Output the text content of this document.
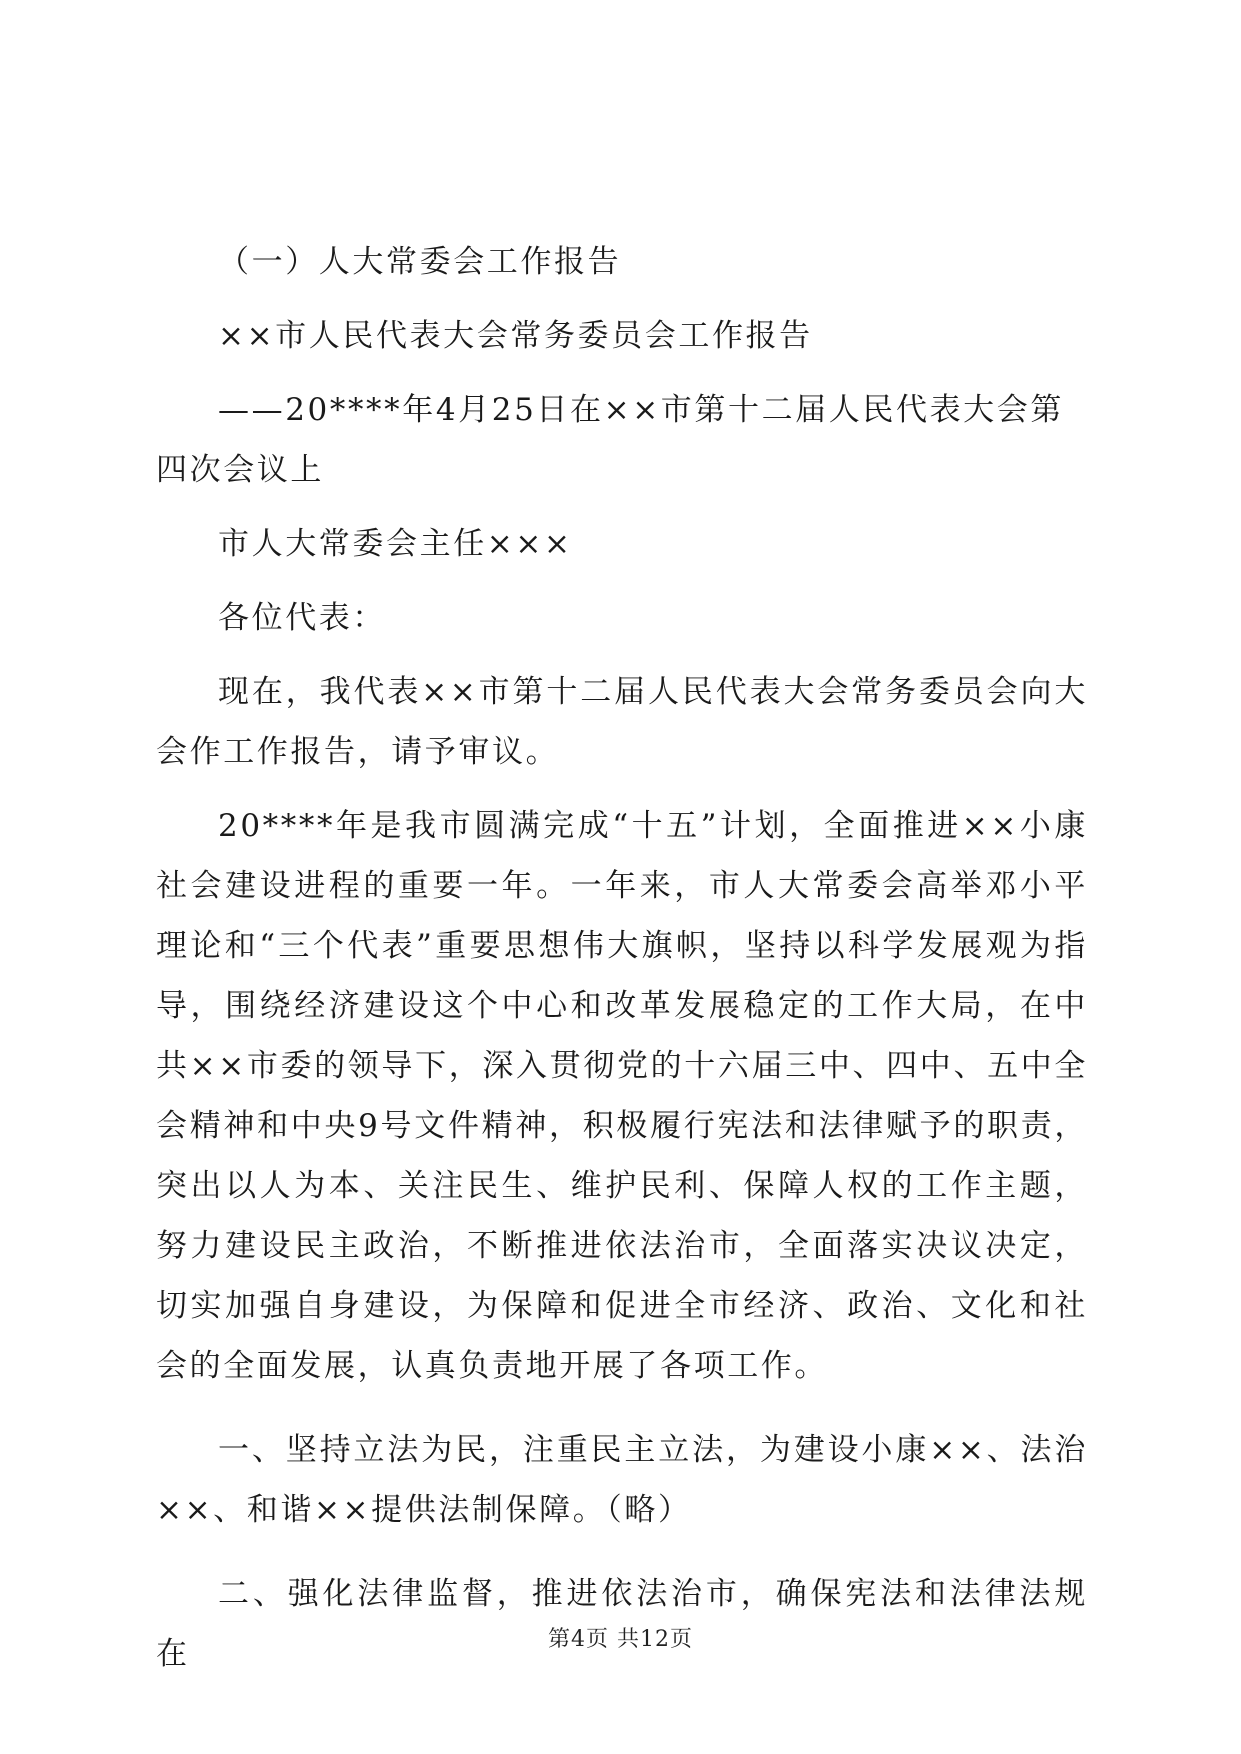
（一）人大常委会工作报告
××市人民代表大会常务委员会工作报告
——20****年4月25日在××市第十二届人民代表大会第
四次会议上
市人大常委会主任×××
各位代表：
现在，我代表××市第十二届人民代表大会常务委员会向大会作工作报告，请予审议。
20****年是我市圆满完成“十五”计划，全面推进××小康社会建设进程的重要一年。一年来，市人大常委会高举邓小平理论和“三个代表”重要思想伟大旗帜，坚持以科学发展观为指导，围绕经济建设这个中心和改革发展稳定的工作大局，在中共××市委的领导下，深入贯彻党的十六届三中、四中、五中全会精神和中央9号文件精神，积极履行宪法和法律赋予的职责，突出以人为本、关注民生、维护民利、保障人权的工作主题，努力建设民主政治，不断推进依法治市，全面落实决议决定，切实加强自身建设，为保障和促进全市经济、政治、文化和社会的全面发展，认真负责地开展了各项工作。
一、坚持立法为民，注重民主立法，为建设小康××、法治××、和谐××提供法制保障。（略）
二、强化法律监督，推进依法治市，确保宪法和法律法规在	第4页 共12页
